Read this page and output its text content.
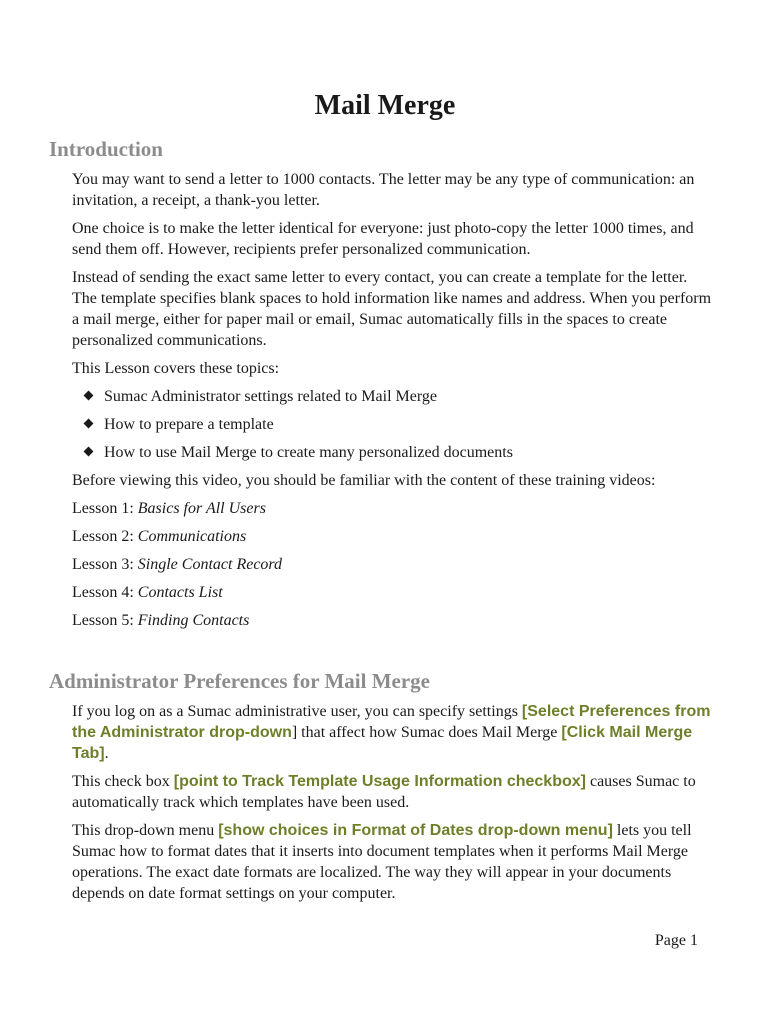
Mail Merge
Introduction

You may want to send a letter to 1000 contacts. The letter may be any type of communication: an invitation, a receipt, a thank-you letter.

One choice is to make the letter identical for everyone: just photo-copy the letter 1000 times, and send them off. However, recipients prefer personalized communication.

Instead of sending the exact same letter to every contact, you can create a template for the letter. The template specifies blank spaces to hold information like names and address. When you perform a mail merge, either for paper mail or email, Sumac automatically fills in the spaces to create personalized communications.

This Lesson covers these topics:

Sumac Administrator settings related to Mail Merge
How to prepare a template
How to use Mail Merge to create many personalized documents

Before viewing this video, you should be familiar with the content of these training videos:

Lesson 1: Basics for All Users
Lesson 2: Communications
Lesson 3: Single Contact Record
Lesson 4: Contacts List
Lesson 5: Finding Contacts
Administrator Preferences for Mail Merge

If you log on as a Sumac administrative user, you can specify settings [Select Preferences from the Administrator drop-down] that affect how Sumac does Mail Merge [Click Mail Merge Tab].

This check box [point to Track Template Usage Information checkbox] causes Sumac to automatically track which templates have been used.

This drop-down menu [show choices in Format of Dates drop-down menu] lets you tell Sumac how to format dates that it inserts into document templates when it performs Mail Merge operations. The exact date formats are localized. The way they will appear in your documents depends on date format settings on your computer.

Page 1
